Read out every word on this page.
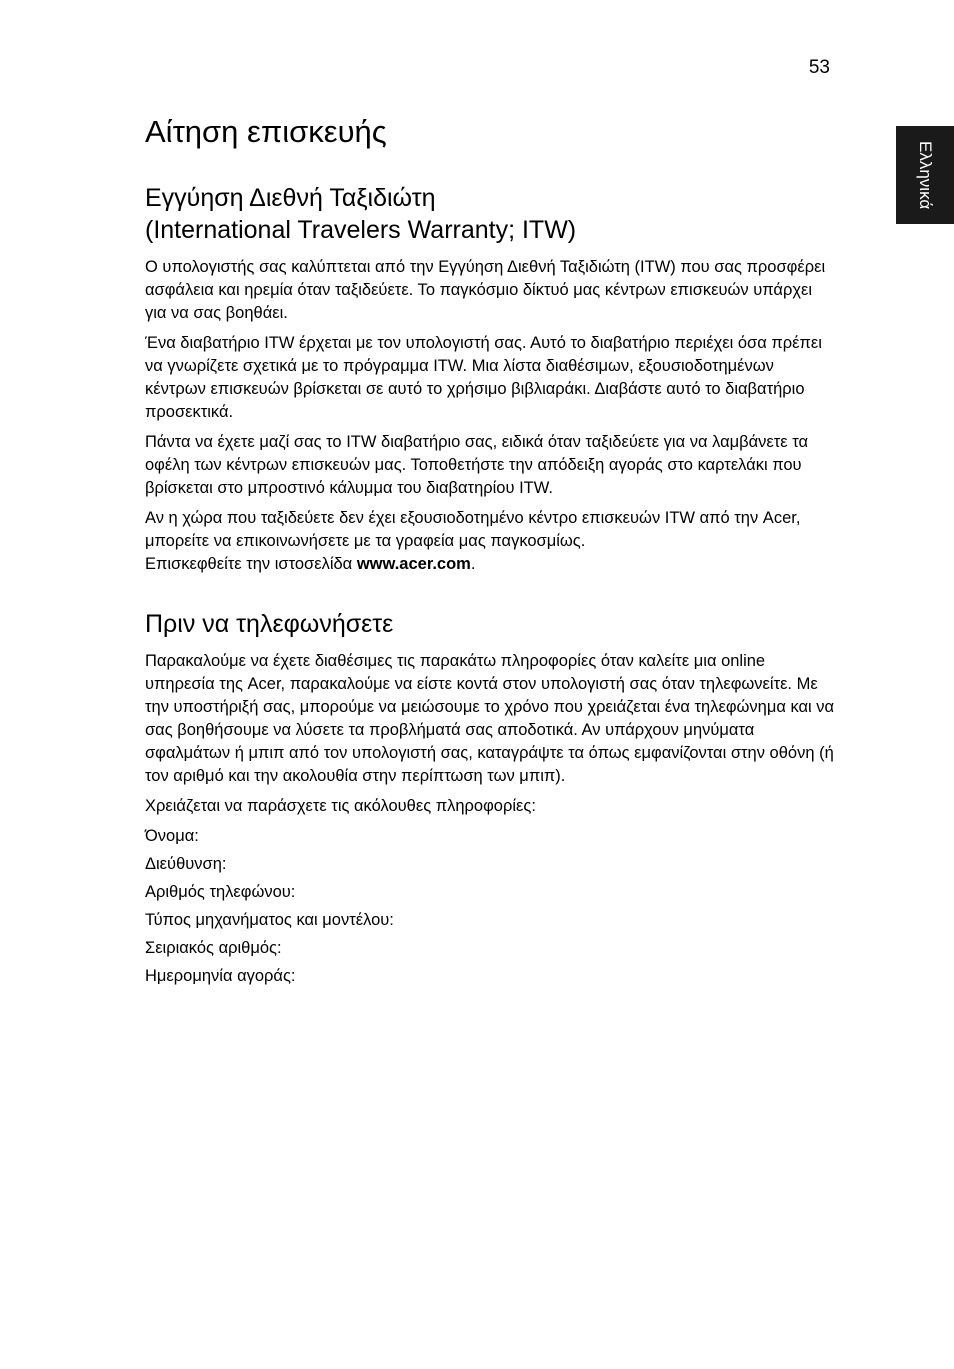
53
Ελληνικά
Αίτηση επισκευής
Εγγύηση Διεθνή Ταξιδιώτη
(International Travelers Warranty; ITW)

Ο υπολογιστής σας καλύπτεται από την Εγγύηση Διεθνή Ταξιδιώτη (ITW) που σας προσφέρει ασφάλεια και ηρεμία όταν ταξιδεύετε. Το παγκόσμιο δίκτυό μας κέντρων επισκευών υπάρχει για να σας βοηθάει.

Ένα διαβατήριο ITW έρχεται με τον υπολογιστή σας. Αυτό το διαβατήριο περιέχει όσα πρέπει να γνωρίζετε σχετικά με το πρόγραμμα ITW. Μια λίστα διαθέσιμων, εξουσιοδοτημένων κέντρων επισκευών βρίσκεται σε αυτό το χρήσιμο βιβλιαράκι. Διαβάστε αυτό το διαβατήριο προσεκτικά.

Πάντα να έχετε μαζί σας το ITW διαβατήριο σας, ειδικά όταν ταξιδεύετε για να λαμβάνετε τα οφέλη των κέντρων επισκευών μας. Τοποθετήστε την απόδειξη αγοράς στο καρτελάκι που βρίσκεται στο μπροστινό κάλυμμα του διαβατηρίου ITW.

Αν η χώρα που ταξιδεύετε δεν έχει εξουσιοδοτημένο κέντρο επισκευών ITW από την Acer, μπορείτε να επικοινωνήσετε με τα γραφεία μας παγκοσμίως.
Επισκεφθείτε την ιστοσελίδα www.acer.com.

Πριν να τηλεφωνήσετε

Παρακαλούμε να έχετε διαθέσιμες τις παρακάτω πληροφορίες όταν καλείτε μια online υπηρεσία της Acer, παρακαλούμε να είστε κοντά στον υπολογιστή σας όταν τηλεφωνείτε. Με την υποστήριξή σας, μπορούμε να μειώσουμε το χρόνο που χρειάζεται ένα τηλεφώνημα και να σας βοηθήσουμε να λύσετε τα προβλήματά σας αποδοτικά. Αν υπάρχουν μηνύματα σφαλμάτων ή μπιπ από τον υπολογιστή σας, καταγράψτε τα όπως εμφανίζονται στην οθόνη (ή τον αριθμό και την ακολουθία στην περίπτωση των μπιπ).

Χρειάζεται να παράσχετε τις ακόλουθες πληροφορίες:

Όνομα:

Διεύθυνση:

Αριθμός τηλεφώνου:

Τύπος μηχανήματος και μοντέλου:

Σειριακός αριθμός:

Ημερομηνία αγοράς:
